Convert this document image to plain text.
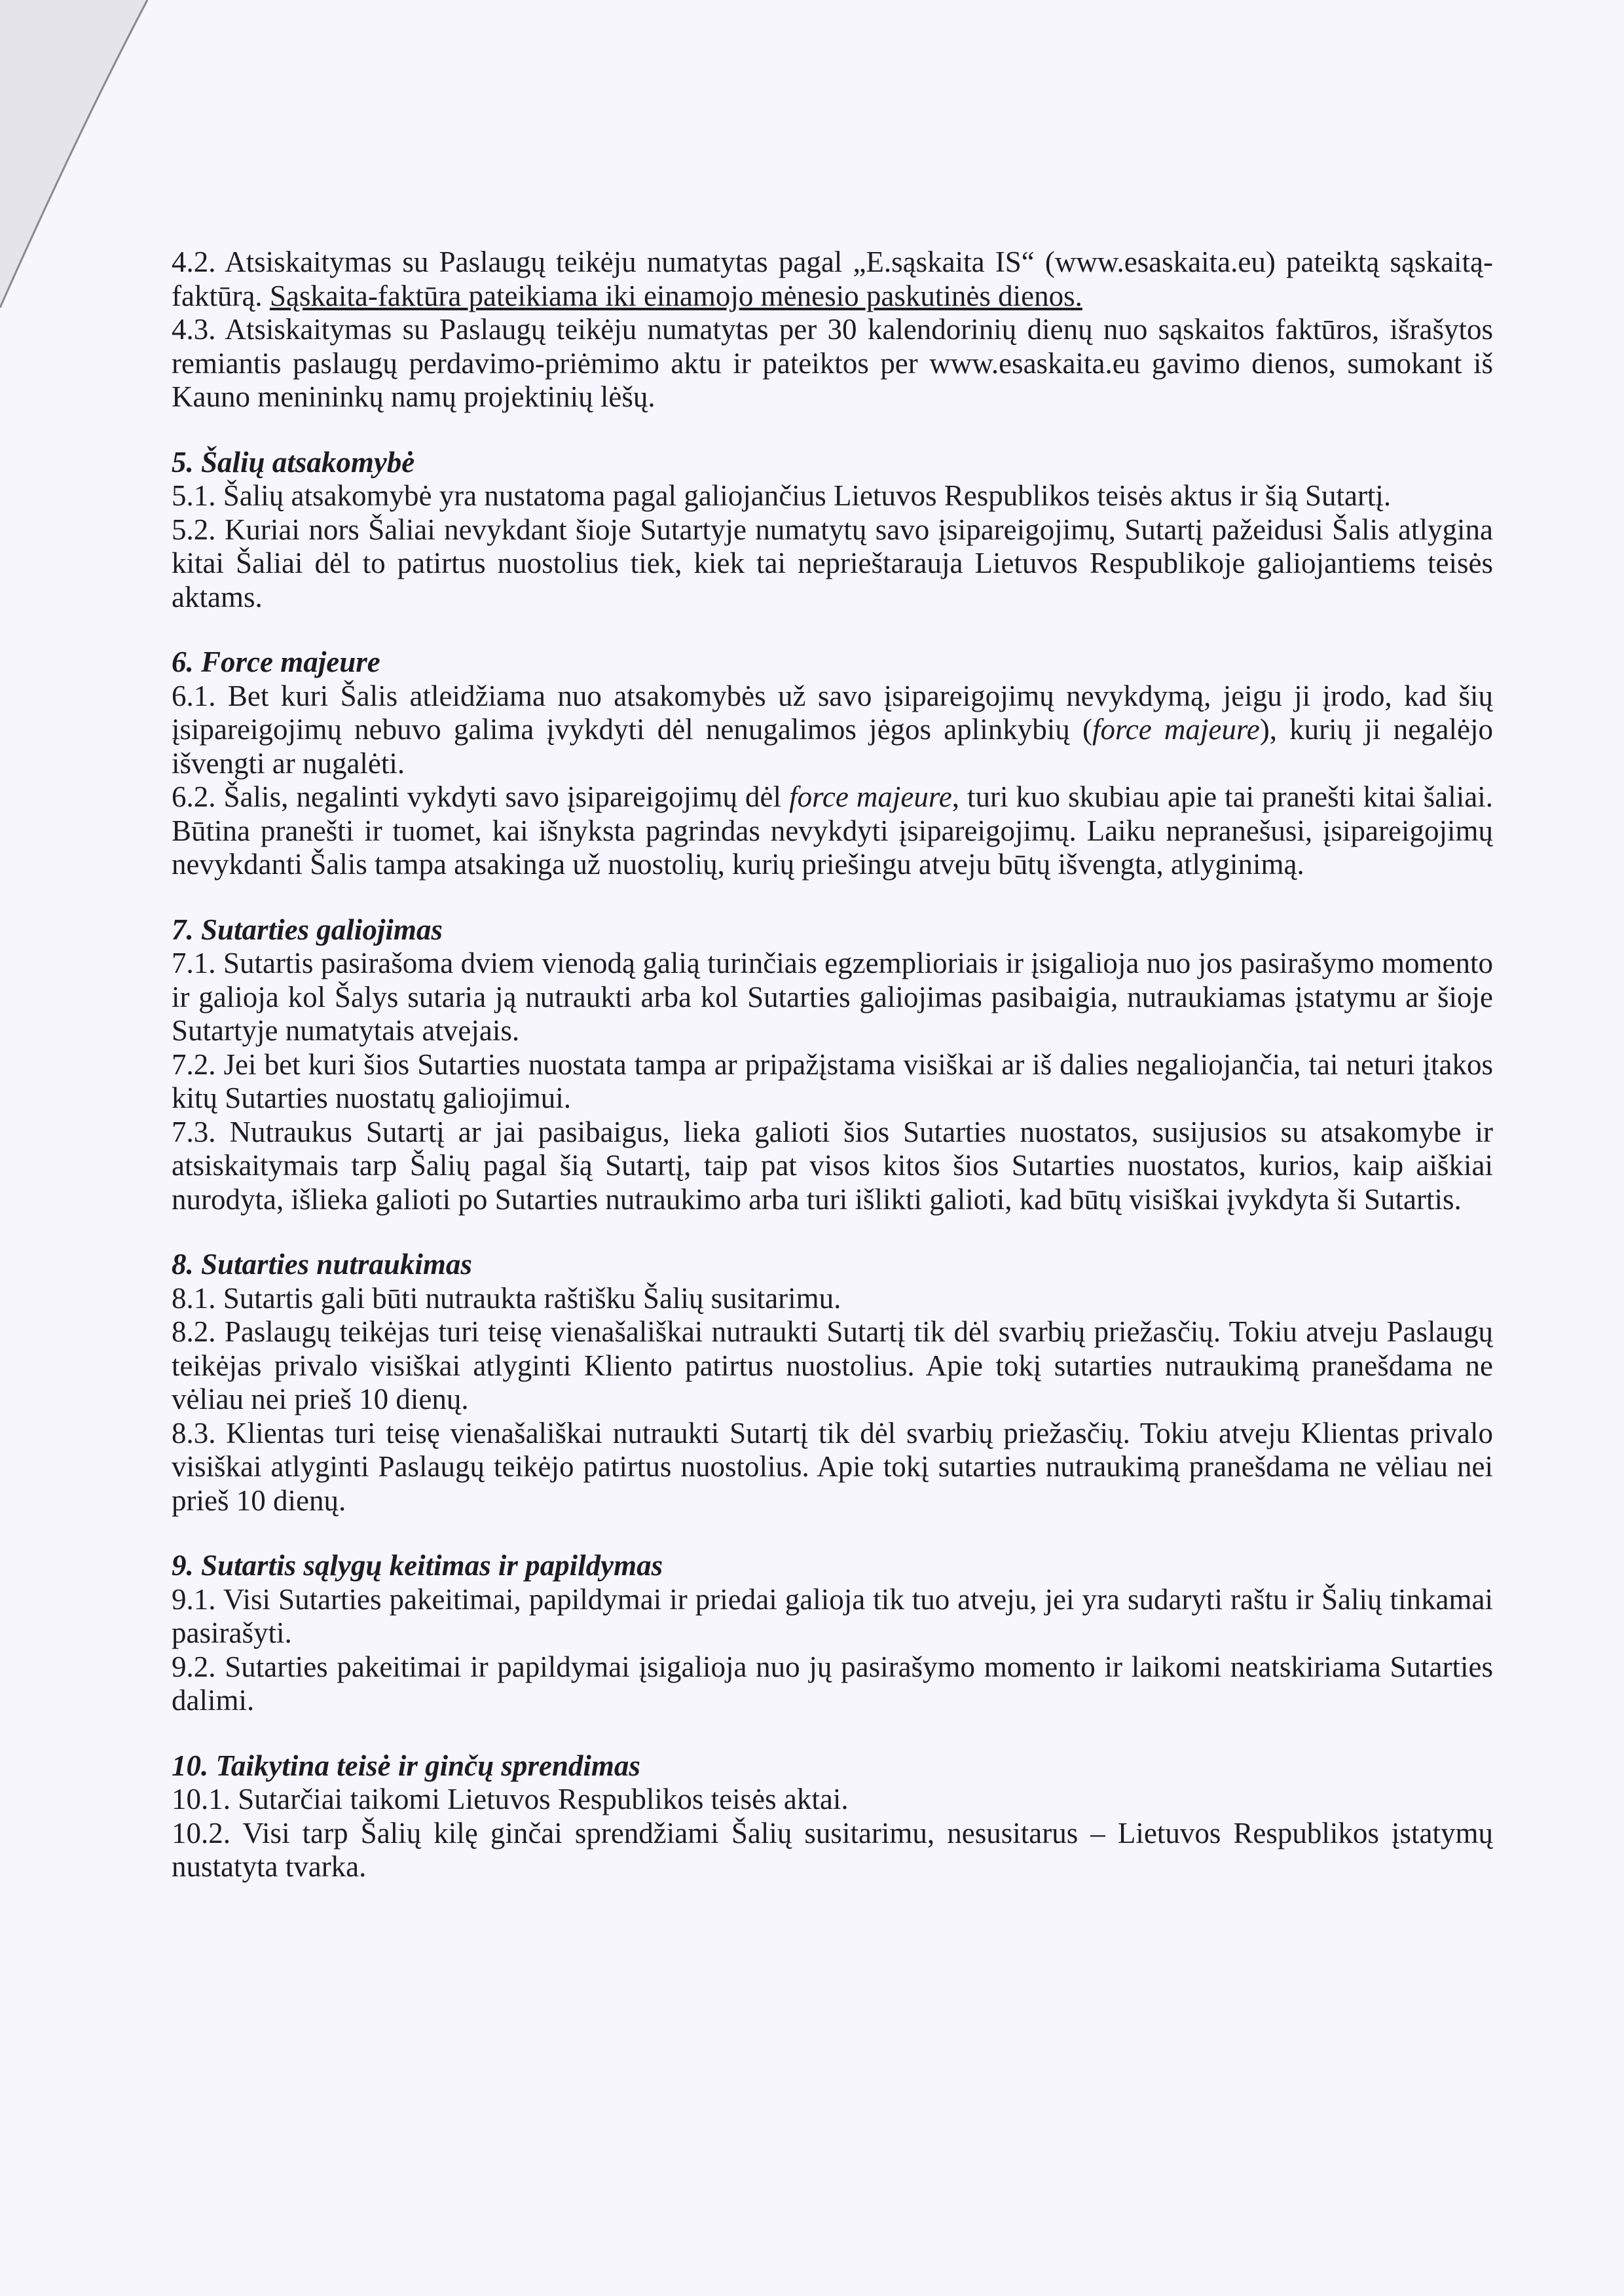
4.2. Atsiskaitymas su Paslaugų teikėju numatytas pagal „E.sąskaita IS“ (www.esaskaita.eu) pateiktą sąskaitą-faktūrą. Sąskaita-faktūra pateikiama iki einamojo mėnesio paskutinės dienos.

4.3. Atsiskaitymas su Paslaugų teikėju numatytas per 30 kalendorinių dienų nuo sąskaitos faktūros, išrašytos remiantis paslaugų perdavimo-priėmimo aktu ir pateiktos per www.esaskaita.eu gavimo dienos, sumokant iš Kauno menininkų namų projektinių lėšų.

5. Šalių atsakomybė

5.1. Šalių atsakomybė yra nustatoma pagal galiojančius Lietuvos Respublikos teisės aktus ir šią Sutartį.

5.2. Kuriai nors Šaliai nevykdant šioje Sutartyje numatytų savo įsipareigojimų, Sutartį pažeidusi Šalis atlygina kitai Šaliai dėl to patirtus nuostolius tiek, kiek tai neprieštarauja Lietuvos Respublikoje galiojantiems teisės aktams.

6. Force majeure

6.1. Bet kuri Šalis atleidžiama nuo atsakomybės už savo įsipareigojimų nevykdymą, jeigu ji įrodo, kad šių įsipareigojimų nebuvo galima įvykdyti dėl nenugalimos jėgos aplinkybių (force majeure), kurių ji negalėjo išvengti ar nugalėti.

6.2. Šalis, negalinti vykdyti savo įsipareigojimų dėl force majeure, turi kuo skubiau apie tai pranešti kitai šaliai. Būtina pranešti ir tuomet, kai išnyksta pagrindas nevykdyti įsipareigojimų. Laiku nepranešusi, įsipareigojimų nevykdanti Šalis tampa atsakinga už nuostolių, kurių priešingu atveju būtų išvengta, atlyginimą.

7. Sutarties galiojimas

7.1. Sutartis pasirašoma dviem vienodą galią turinčiais egzemplioriais ir įsigalioja nuo jos pasirašymo momento ir galioja kol Šalys sutaria ją nutraukti arba kol Sutarties galiojimas pasibaigia, nutraukiamas įstatymu ar šioje Sutartyje numatytais atvejais.

7.2. Jei bet kuri šios Sutarties nuostata tampa ar pripažįstama visiškai ar iš dalies negaliojančia, tai neturi įtakos kitų Sutarties nuostatų galiojimui.

7.3. Nutraukus Sutartį ar jai pasibaigus, lieka galioti šios Sutarties nuostatos, susijusios su atsakomybe ir atsiskaitymais tarp Šalių pagal šią Sutartį, taip pat visos kitos šios Sutarties nuostatos, kurios, kaip aiškiai nurodyta, išlieka galioti po Sutarties nutraukimo arba turi išlikti galioti, kad būtų visiškai įvykdyta ši Sutartis.

8. Sutarties nutraukimas

8.1. Sutartis gali būti nutraukta raštišku Šalių susitarimu.

8.2. Paslaugų teikėjas turi teisę vienašališkai nutraukti Sutartį tik dėl svarbių priežasčių. Tokiu atveju Paslaugų teikėjas privalo visiškai atlyginti Kliento patirtus nuostolius. Apie tokį sutarties nutraukimą pranešdama ne vėliau nei prieš 10 dienų.

8.3. Klientas turi teisę vienašališkai nutraukti Sutartį tik dėl svarbių priežasčių. Tokiu atveju Klientas privalo visiškai atlyginti Paslaugų teikėjo patirtus nuostolius. Apie tokį sutarties nutraukimą pranešdama ne vėliau nei prieš 10 dienų.

9. Sutartis sąlygų keitimas ir papildymas

9.1. Visi Sutarties pakeitimai, papildymai ir priedai galioja tik tuo atveju, jei yra sudaryti raštu ir Šalių tinkamai pasirašyti.

9.2. Sutarties pakeitimai ir papildymai įsigalioja nuo jų pasirašymo momento ir laikomi neatskiriama Sutarties dalimi.

10. Taikytina teisė ir ginčų sprendimas

10.1. Sutarčiai taikomi Lietuvos Respublikos teisės aktai.

10.2. Visi tarp Šalių kilę ginčai sprendžiami Šalių susitarimu, nesusitarus – Lietuvos Respublikos įstatymų nustatyta tvarka.
